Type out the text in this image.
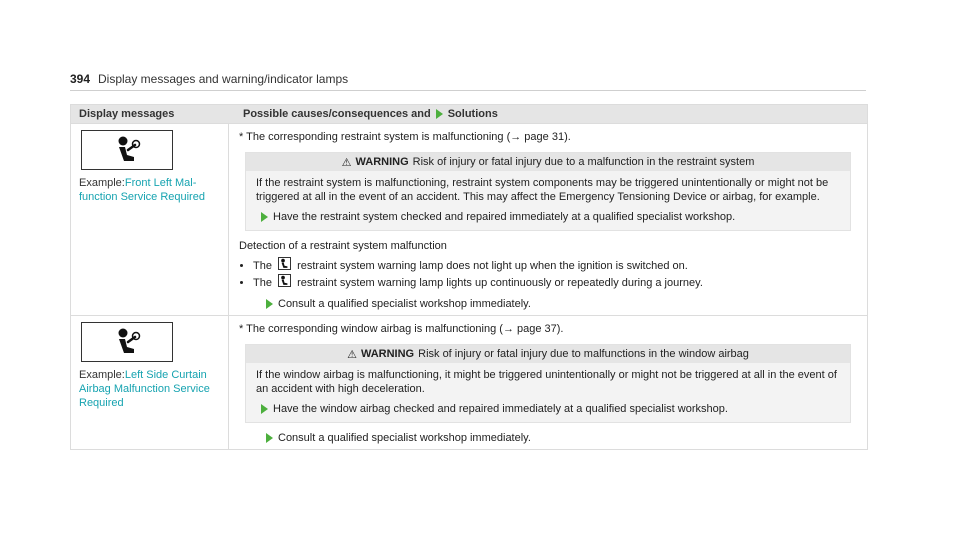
394 Display messages and warning/indicator lamps
Display messages	Possible causes/consequences and Solutions
Example:Front Left Mal-function Service Required

* The corresponding restraint system is malfunctioning (→ page 31).

⚠ WARNING Risk of injury or fatal injury due to a malfunction in the restraint system
If the restraint system is malfunctioning, restraint system components may be triggered unintentionally or might not be triggered at all in the event of an accident. This may affect the Emergency Tensioning Device or airbag, for example.
Have the restraint system checked and repaired immediately at a qualified specialist workshop.

Detection of a restraint system malfunction

• The restraint system warning lamp does not light up when the ignition is switched on.
• The restraint system warning lamp lights up continuously or repeatedly during a journey.
Consult a qualified specialist workshop immediately.
Example:Left Side Curtain Airbag Malfunction Service Required

* The corresponding window airbag is malfunctioning (→ page 37).

⚠ WARNING Risk of injury or fatal injury due to malfunctions in the window airbag
If the window airbag is malfunctioning, it might be triggered unintentionally or might not be triggered at all in the event of an accident with high deceleration.
Have the window airbag checked and repaired immediately at a qualified specialist workshop.
Consult a qualified specialist workshop immediately.
